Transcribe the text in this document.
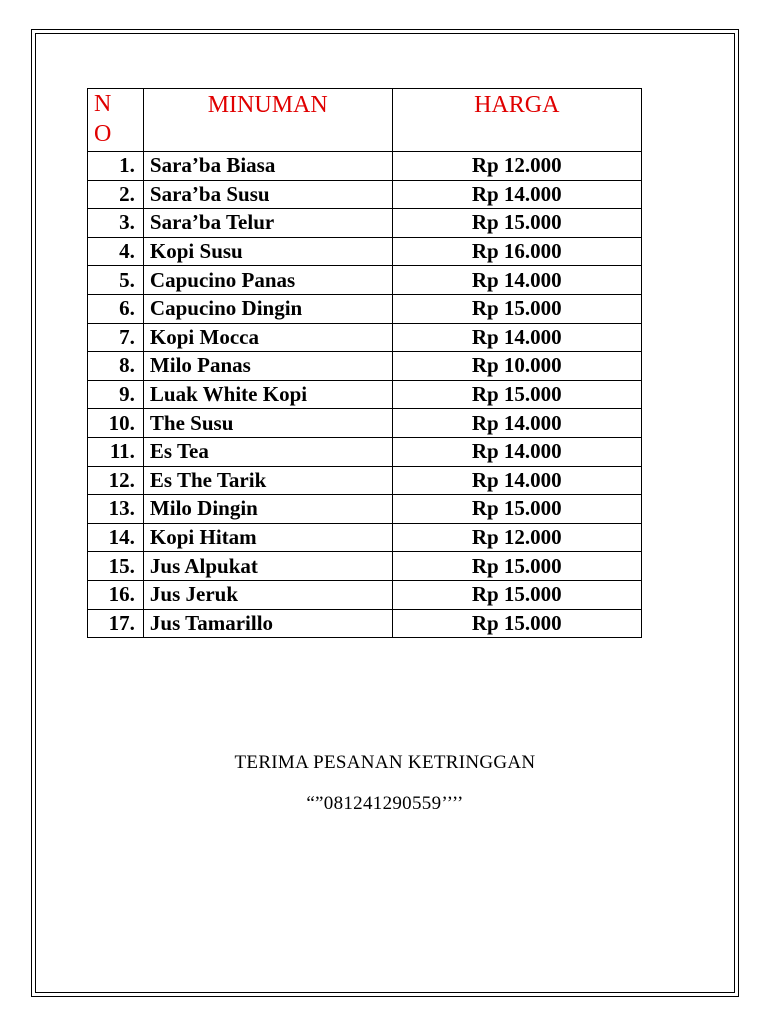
NO	MINUMAN	HARGA
1.	Sara’ba Biasa	Rp 12.000
2.	Sara’ba Susu	Rp 14.000
3.	Sara’ba Telur	Rp 15.000
4.	Kopi Susu	Rp 16.000
5.	Capucino Panas	Rp 14.000
6.	Capucino Dingin	Rp 15.000
7.	Kopi Mocca	Rp 14.000
8.	Milo Panas	Rp 10.000
9.	Luak White Kopi	Rp 15.000
10.	The Susu	Rp 14.000
11.	Es Tea	Rp 14.000
12.	Es The Tarik	Rp 14.000
13.	Milo Dingin	Rp 15.000
14.	Kopi Hitam	Rp 12.000
15.	Jus Alpukat	Rp 15.000
16.	Jus Jeruk	Rp 15.000
17.	Jus Tamarillo	Rp 15.000
TERIMA PESANAN KETRINGGAN
“”081241290559’’’’
